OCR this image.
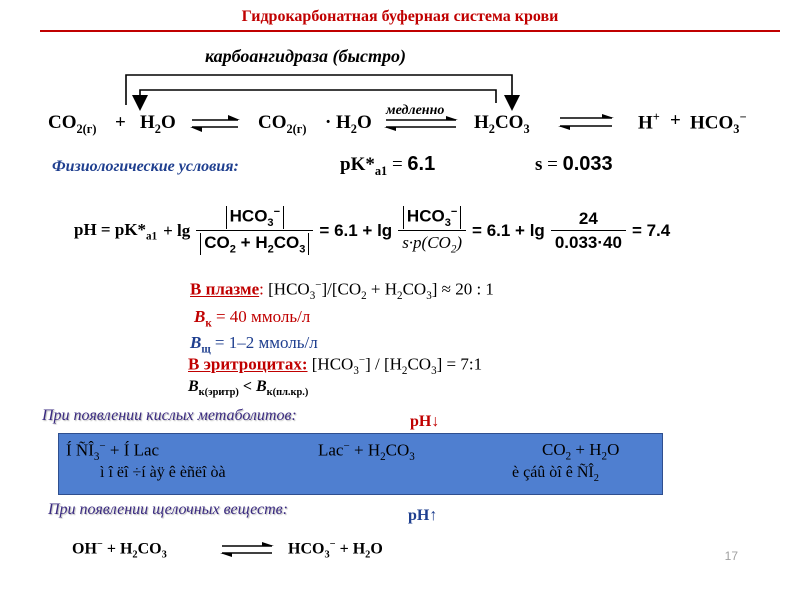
Гидрокарбонатная буферная система крови
карбоангидраза (быстро)
$CO_{2(г)} + H_2O$	$CO_{2(г)} \cdot H_2O$
медленно
$H_2CO_3$	$H^+ + HCO_3^-$
Физиологические условия:	$pK*_{a1} = 6.1$	s = 0.033
pH = $pK*_{a1} + \lg \frac{HCO_3^-}{CO_2 + H_2CO_3} = 6.1 + \lg \frac{HCO_3^-}{s\cdot p(CO_2)} = 6.1 + \lg \frac{24}{0.033\cdot 40} = 7.4$
В плазме: $[HCO_3^-]/[CO_2 + H_2CO_3] \approx 20$ : 1
$B_к = 40$ ммоль/л
$B_щ = 1-2$ ммоль/л
В эритроцитах: $[HCO_3^-] / [H_2CO_3]$ = 7:1
$B_{к(эритр)} < B_{к(пл.кр.)}$
При появлении кислых метаболитов:	pH↓
Í $ÑÎ_3^-$ + Í Lac	$Lac^- + H_2CO_3$	$CO_2 + H_2O$
ì î ëî ÷í àÿ ê èñëî òà	è çáû òî ê $ÑÎ_2$
При появлении щелочных веществ:	pH↑
$OH^- + H_2CO_3$	$HCO_3^- + H_2O$	17
